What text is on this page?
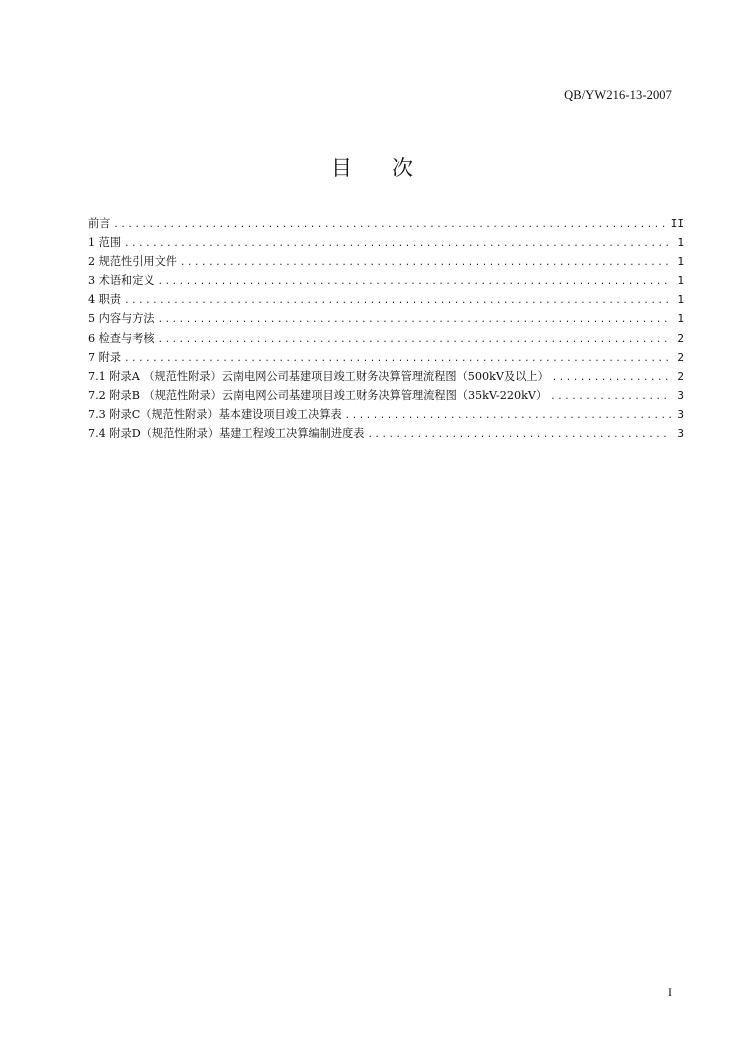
QB/YW216-13-2007
目次
前言 .....	II
1 范围 .....	1
2 规范性引用文件 .....	1
3 术语和定义 .....	1
4 职责 .....	1
5 内容与方法 .....	1
6 检查与考核 .....	2
7 附录 .....	2
7.1 附录A （规范性附录）云南电网公司基建项目竣工财务决算管理流程图（500kV及以上） .....	2
7.2 附录B （规范性附录）云南电网公司基建项目竣工财务决算管理流程图（35kV-220kV） .....	3
7.3 附录C（规范性附录）基本建设项目竣工决算表 .....	3
7.4 附录D（规范性附录）基建工程竣工决算编制进度表 .....	3
I
